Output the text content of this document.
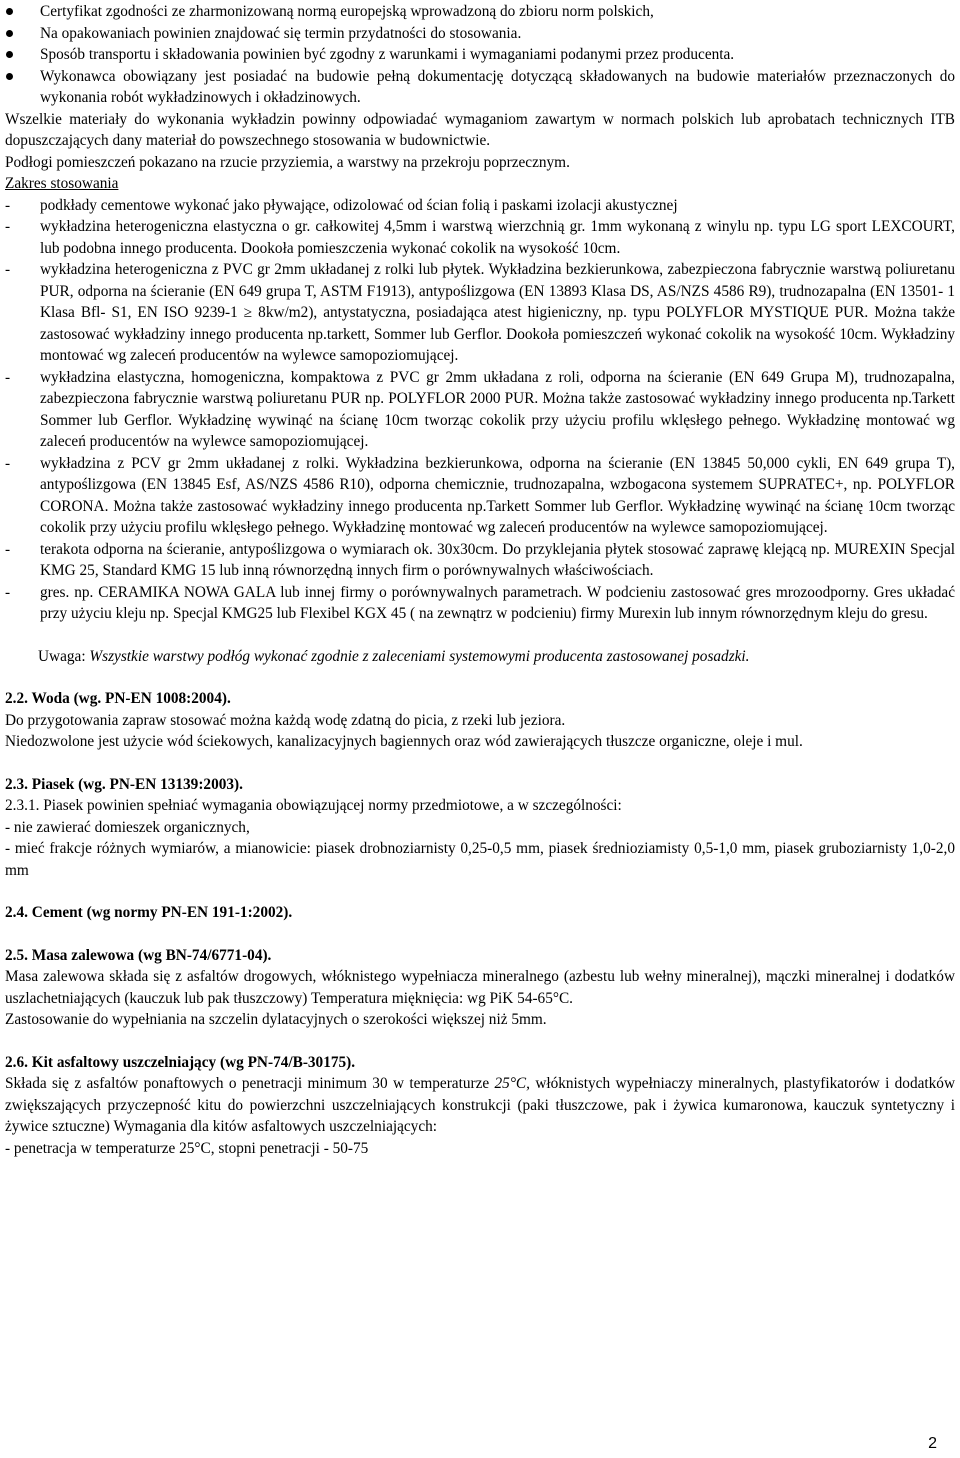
Certyfikat zgodności ze zharmonizowaną normą europejską wprowadzoną do zbioru norm polskich,
Na opakowaniach powinien znajdować się termin przydatności do stosowania.
Sposób transportu i składowania powinien być zgodny z warunkami i wymaganiami podanymi przez producenta.
Wykonawca obowiązany jest posiadać na budowie pełną dokumentację dotyczącą składowanych na budowie materiałów przeznaczonych do wykonania robót wykładzinowych i okładzinowych.

Wszelkie materiały do wykonania wykładzin powinny odpowiadać wymaganiom zawartym w normach polskich lub aprobatach technicznych ITB dopuszczających dany materiał do powszechnego stosowania w budownictwie.

Podłogi pomieszczeń pokazano na rzucie przyziemia, a warstwy na przekroju poprzecznym.

Zakres stosowania

- podkłady cementowe wykonać jako pływające, odizolować od ścian folią i paskami izolacji akustycznej
- wykładzina heterogeniczna elastyczna o gr. całkowitej 4,5mm i warstwą wierzchnią gr. 1mm wykonaną z winylu np. typu LG sport LEXCOURT, lub podobna innego producenta. Dookoła pomieszczenia wykonać cokolik na wysokość 10cm.
- wykładzina heterogeniczna z PVC gr 2mm układanej z rolki lub płytek. Wykładzina bezkierunkowa, zabezpieczona fabrycznie warstwą poliuretanu PUR, odporna na ścieranie (EN 649 grupa T, ASTM F1913), antypoślizgowa (EN 13893 Klasa DS, AS/NZS 4586 R9), trudnozapalna (EN 13501- 1 Klasa Bfl- S1, EN ISO 9239-1 ≥ 8kw/m2), antystatyczna, posiadająca atest higieniczny, np. typu POLYFLOR MYSTIQUE PUR. Można także zastosować wykładziny innego producenta np.tarkett, Sommer lub Gerflor. Dookoła pomieszczeń wykonać cokolik na wysokość 10cm. Wykładziny montować wg zaleceń producentów na wylewce samopoziomującej.
- wykładzina elastyczna, homogeniczna, kompaktowa z PVC gr 2mm układana z roli, odporna na ścieranie (EN 649 Grupa M), trudnozapalna, zabezpieczona fabrycznie warstwą poliuretanu PUR np. POLYFLOR 2000 PUR. Można także zastosować wykładziny innego producenta np.Tarkett Sommer lub Gerflor. Wykładzinę wywinąć na ścianę 10cm tworząc cokolik przy użyciu profilu wklęsłego pełnego. Wykładzinę montować wg zaleceń producentów na wylewce samopoziomującej.
- wykładzina z PCV gr 2mm układanej z rolki. Wykładzina bezkierunkowa, odporna na ścieranie (EN 13845 50,000 cykli, EN 649 grupa T), antypoślizgowa (EN 13845 Esf, AS/NZS 4586 R10), odporna chemicznie, trudnozapalna, wzbogacona systemem SUPRATEC+, np. POLYFLOR CORONA. Można także zastosować wykładziny innego producenta np.Tarkett Sommer lub Gerflor. Wykładzinę wywinąć na ścianę 10cm tworząc cokolik przy użyciu profilu wklęsłego pełnego. Wykładzinę montować wg zaleceń producentów na wylewce samopoziomującej.
- terakota odporna na ścieranie, antypoślizgowa o wymiarach ok. 30x30cm. Do przyklejania płytek stosować zaprawę klejącą np. MUREXIN Specjal KMG 25, Standard KMG 15 lub inną równorzędną innych firm o porównywalnych właściwościach.
- gres. np. CERAMIKA NOWA GALA lub innej firmy o porównywalnych parametrach. W podcieniu zastosować gres mrozoodporny. Gres układać przy użyciu kleju np. Specjal KMG25 lub Flexibel KGX 45 ( na zewnątrz w podcieniu) firmy Murexin lub innym równorzędnym kleju do gresu.

Uwaga: Wszystkie warstwy podłóg wykonać zgodnie z zaleceniami systemowymi producenta zastosowanej posadzki.

2.2. Woda (wg. PN-EN 1008:2004).

Do przygotowania zapraw stosować można każdą wodę zdatną do picia, z rzeki lub jeziora.

Niedozwolone jest użycie wód ściekowych, kanalizacyjnych bagiennych oraz wód zawierających tłuszcze organiczne, oleje i mul.

2.3. Piasek (wg. PN-EN 13139:2003).

2.3.1. Piasek powinien spełniać wymagania obowiązującej normy przedmiotowe, a w szczególności:

- nie zawierać domieszek organicznych,

- mieć frakcje różnych wymiarów, a mianowicie: piasek drobnoziarnisty 0,25-0,5 mm, piasek średnioziamisty 0,5-1,0 mm, piasek gruboziarnisty 1,0-2,0 mm

2.4. Cement (wg normy PN-EN 191-1:2002).
2.5. Masa zalewowa (wg BN-74/6771-04).

Masa zalewowa składa się z asfaltów drogowych, włóknistego wypełniacza mineralnego (azbestu lub wełny mineralnej), mączki mineralnej i dodatków uszlachetniających (kauczuk lub pak tłuszczowy) Temperatura mięknięcia: wg PiK 54-65°C.

Zastosowanie do wypełniania na szczelin dylatacyjnych o szerokości większej niż 5mm.

2.6. Kit asfaltowy uszczelniający (wg PN-74/B-30175).

Składa się z asfaltów ponaftowych o penetracji minimum 30 w temperaturze 25°C, włóknistych wypełniaczy mineralnych, plastyfikatorów i dodatków zwiększających przyczepność kitu do powierzchni uszczelniających konstrukcji (paki tłuszczowe, pak i żywica kumaronowa, kauczuk syntetyczny i żywice sztuczne) Wymagania dla kitów asfaltowych uszczelniających:

- penetracja w temperaturze 25°C, stopni penetracji - 50-75

2
